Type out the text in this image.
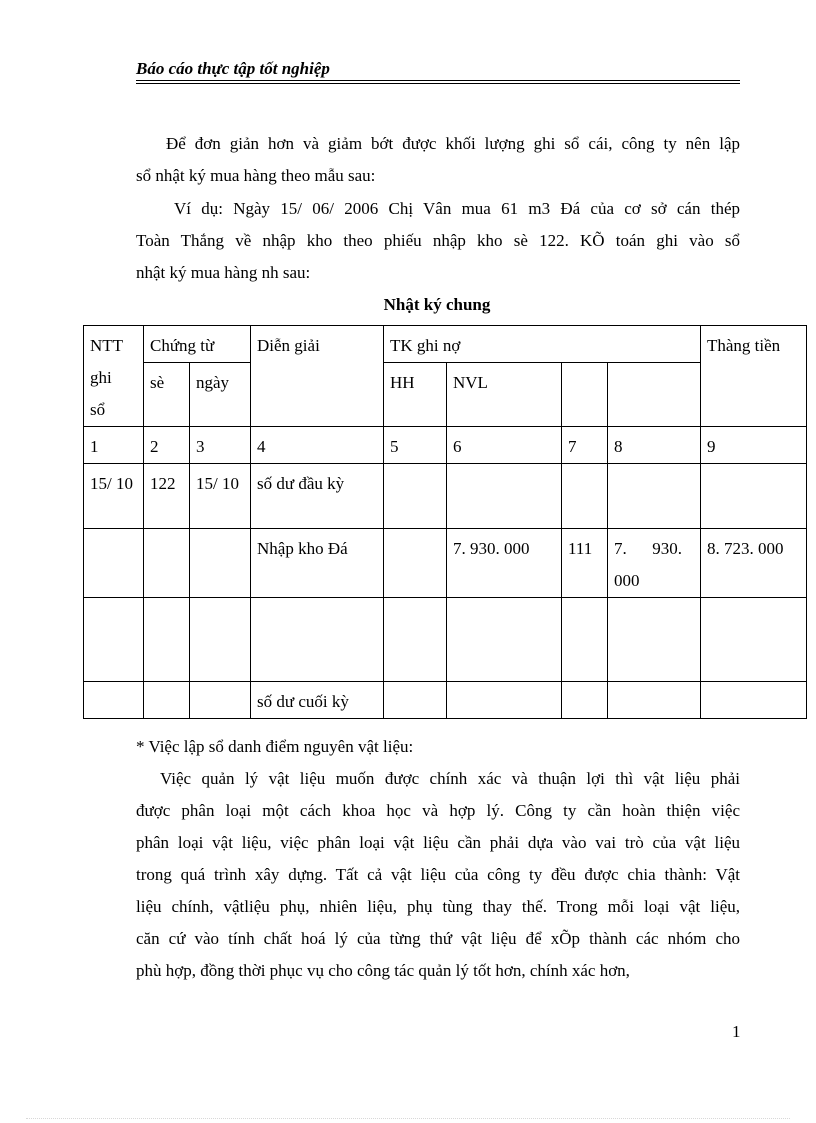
Báo cáo thực tập tốt nghiệp
Để đơn giản hơn và giảm bớt được khối lượng ghi sổ cái, công ty nên lập
sổ nhật ký mua hàng theo mẫu sau:
Ví dụ: Ngày 15/ 06/ 2006 Chị Vân mua 61 m3 Đá của cơ sở cán thép
Toàn Thắng về nhập kho theo phiếu nhập kho sè 122. KÕ toán ghi vào sổ
nhật ký mua hàng nh sau:
Nhật ký chung
NTT
ghi
sổ	Chứng từ		Diễn giải	TK ghi nợ				Thàng tiền
	sè	ngày		HH	NVL			
1	2	3	4	5	6	7	8	9
15/ 10	122	15/ 10	số dư đầu kỳ					
			Nhập kho Đá		7. 930. 000	111	7.      930. 000	8. 723. 000

			số dư cuối kỳ					
* Việc lập sổ danh điểm nguyên vật liệu:
Việc quản lý vật liệu muốn được chính xác và thuận lợi thì vật liệu phải
được phân loại một cách khoa học và hợp lý. Công ty cần hoàn thiện việc
phân loại vật liệu, việc phân loại vật liệu cần phải dựa vào vai trò của vật liệu
trong quá trình xây dựng. Tất cả vật liệu của công ty đều được chia thành: Vật
liệu chính, vậtliệu phụ, nhiên liệu, phụ tùng thay thế. Trong mỗi loại vật liệu,
căn cứ vào tính chất hoá lý của từng thứ vật liệu để xÕp thành các nhóm cho
phù hợp, đồng thời phục vụ cho công tác quản lý tốt hơn, chính xác hơn,
1
